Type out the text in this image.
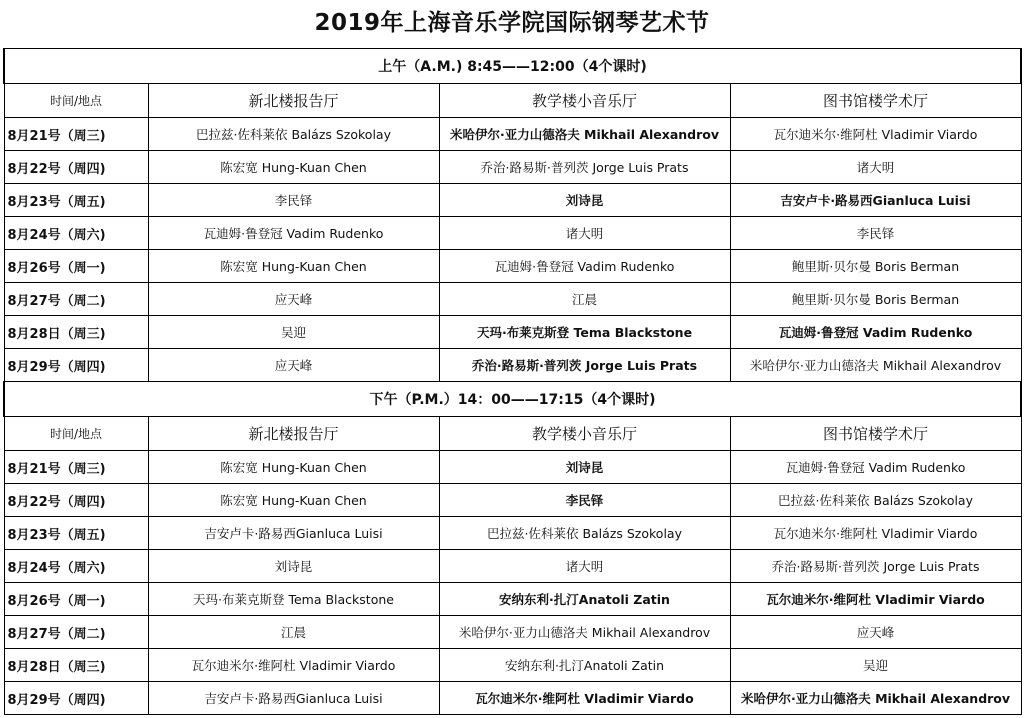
2019年上海音乐学院国际钢琴艺术节
上午（A.M.) 8:45——12:00（4个课时)			
时间/地点	新北楼报告厅	教学楼小音乐厅	图书馆楼学术厅
8月21号（周三)	巴拉兹·佐科莱依 Balázs Szokolay	米哈伊尔·亚力山德洛夫 Mikhail Alexandrov	瓦尔迪米尔·维阿杜 Vladimir Viardo
8月22号（周四)	陈宏宽 Hung-Kuan Chen	乔治·路易斯·普列茨 Jorge Luis Prats	诸大明
8月23号（周五)	李民铎	刘诗昆	吉安卢卡·路易西Gianluca Luisi
8月24号（周六)	瓦迪姆·鲁登冠 Vadim Rudenko	诸大明	李民铎
8月26号（周一)	陈宏宽 Hung-Kuan Chen	瓦迪姆·鲁登冠 Vadim Rudenko	鲍里斯·贝尔曼 Boris Berman
8月27号（周二)	应天峰	江晨	鲍里斯·贝尔曼 Boris Berman
8月28日（周三)	吴迎	天玛·布莱克斯登 Tema Blackstone	瓦迪姆·鲁登冠 Vadim Rudenko
8月29号（周四)	应天峰	乔治·路易斯·普列茨 Jorge Luis Prats	米哈伊尔·亚力山德洛夫 Mikhail Alexandrov
下午（P.M.）14：00——17:15（4个课时)			
时间/地点	新北楼报告厅	教学楼小音乐厅	图书馆楼学术厅
8月21号（周三)	陈宏宽 Hung-Kuan Chen	刘诗昆	瓦迪姆·鲁登冠 Vadim Rudenko
8月22号（周四)	陈宏宽 Hung-Kuan Chen	李民铎	巴拉兹·佐科莱依 Balázs Szokolay
8月23号（周五)	吉安卢卡·路易西Gianluca Luisi	巴拉兹·佐科莱依 Balázs Szokolay	瓦尔迪米尔·维阿杜 Vladimir Viardo
8月24号（周六)	刘诗昆	诸大明	乔治·路易斯·普列茨 Jorge Luis Prats
8月26号（周一)	天玛·布莱克斯登 Tema Blackstone	安纳东利·扎汀Anatoli Zatin	瓦尔迪米尔·维阿杜 Vladimir Viardo
8月27号（周二)	江晨	米哈伊尔·亚力山德洛夫 Mikhail Alexandrov	应天峰
8月28日（周三)	瓦尔迪米尔·维阿杜 Vladimir Viardo	安纳东利·扎汀Anatoli Zatin	吴迎
8月29号（周四)	吉安卢卡·路易西Gianluca Luisi	瓦尔迪米尔·维阿杜 Vladimir Viardo	米哈伊尔·亚力山德洛夫 Mikhail Alexandrov
